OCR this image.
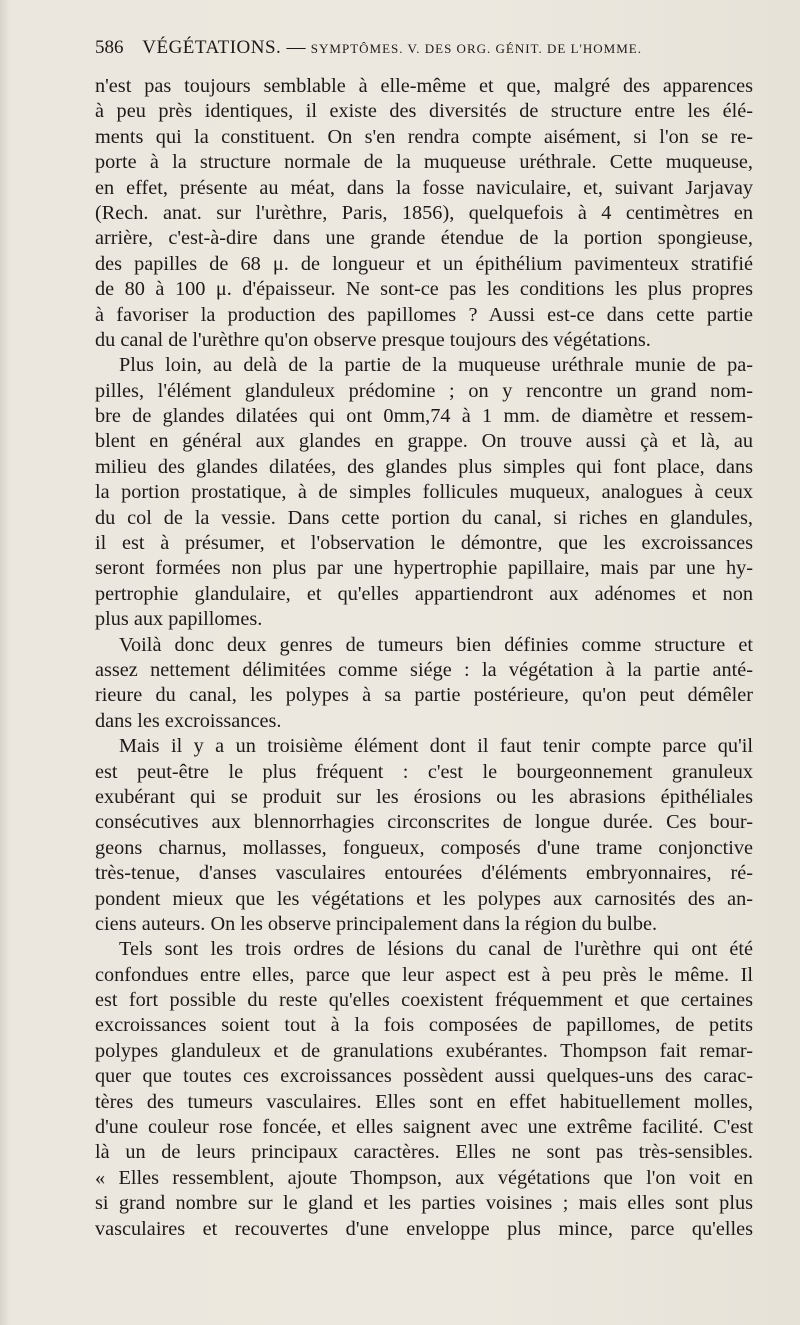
586 VÉGÉTATIONS. — SYMPTÔMES. V. DES ORG. GÉNIT. DE L'HOMME.
n'est pas toujours semblable à elle-même et que, malgré des apparences
à peu près identiques, il existe des diversités de structure entre les élé-
ments qui la constituent. On s'en rendra compte aisément, si l'on se re-
porte à la structure normale de la muqueuse uréthrale. Cette muqueuse,
en effet, présente au méat, dans la fosse naviculaire, et, suivant Jarjavay
(Rech. anat. sur l'urèthre, Paris, 1856), quelquefois à 4 centimètres en
arrière, c'est-à-dire dans une grande étendue de la portion spongieuse,
des papilles de 68 μ. de longueur et un épithélium pavimenteux stratifié
de 80 à 100 μ. d'épaisseur. Ne sont-ce pas les conditions les plus propres
à favoriser la production des papillomes ? Aussi est-ce dans cette partie
du canal de l'urèthre qu'on observe presque toujours des végétations.
Plus loin, au delà de la partie de la muqueuse uréthrale munie de pa-
pilles, l'élément glanduleux prédomine ; on y rencontre un grand nom-
bre de glandes dilatées qui ont 0mm,74 à 1 mm. de diamètre et ressem-
blent en général aux glandes en grappe. On trouve aussi çà et là, au
milieu des glandes dilatées, des glandes plus simples qui font place, dans
la portion prostatique, à de simples follicules muqueux, analogues à ceux
du col de la vessie. Dans cette portion du canal, si riches en glandules,
il est à présumer, et l'observation le démontre, que les excroissances
seront formées non plus par une hypertrophie papillaire, mais par une hy-
pertrophie glandulaire, et qu'elles appartiendront aux adénomes et non
plus aux papillomes.
Voilà donc deux genres de tumeurs bien définies comme structure et
assez nettement délimitées comme siége : la végétation à la partie anté-
rieure du canal, les polypes à sa partie postérieure, qu'on peut démêler
dans les excroissances.
Mais il y a un troisième élément dont il faut tenir compte parce qu'il
est peut-être le plus fréquent : c'est le bourgeonnement granuleux
exubérant qui se produit sur les érosions ou les abrasions épithéliales
consécutives aux blennorrhagies circonscrites de longue durée. Ces bour-
geons charnus, mollasses, fongueux, composés d'une trame conjonctive
très-tenue, d'anses vasculaires entourées d'éléments embryonnaires, ré-
pondent mieux que les végétations et les polypes aux carnosités des an-
ciens auteurs. On les observe principalement dans la région du bulbe.
Tels sont les trois ordres de lésions du canal de l'urèthre qui ont été
confondues entre elles, parce que leur aspect est à peu près le même. Il
est fort possible du reste qu'elles coexistent fréquemment et que certaines
excroissances soient tout à la fois composées de papillomes, de petits
polypes glanduleux et de granulations exubérantes. Thompson fait remar-
quer que toutes ces excroissances possèdent aussi quelques-uns des carac-
tères des tumeurs vasculaires. Elles sont en effet habituellement molles,
d'une couleur rose foncée, et elles saignent avec une extrême facilité. C'est
là un de leurs principaux caractères. Elles ne sont pas très-sensibles.
« Elles ressemblent, ajoute Thompson, aux végétations que l'on voit en
si grand nombre sur le gland et les parties voisines ; mais elles sont plus
vasculaires et recouvertes d'une enveloppe plus mince, parce qu'elles
